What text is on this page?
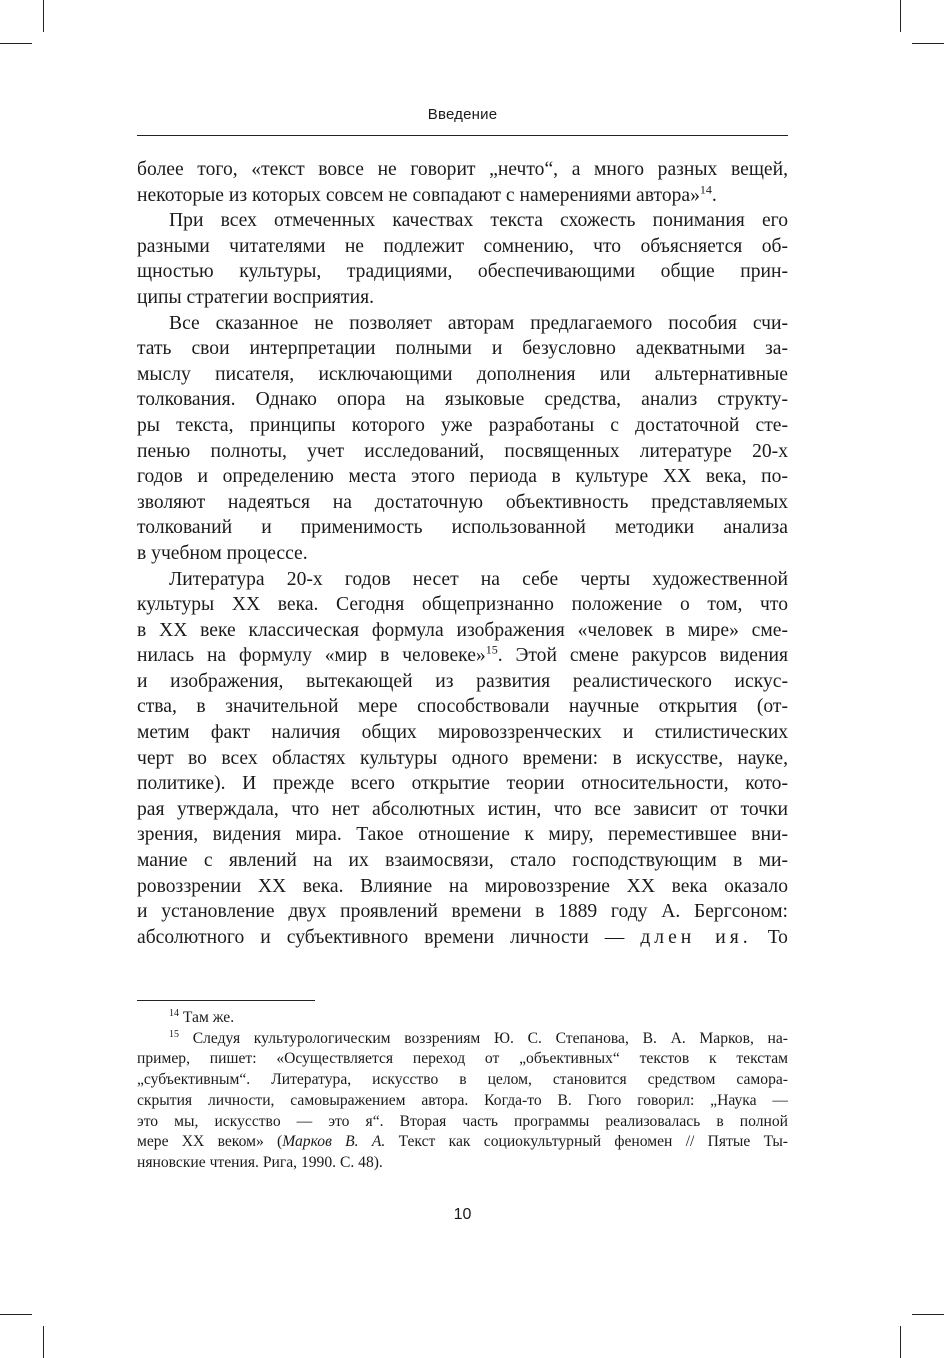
Введение

более того, «текст вовсе не говорит „нечто“, а много разных вещей,
некоторые из которых совсем не совпадают с намерениями автора»$^{14}$.

При всех отмеченных качествах текста схожесть понимания его
разными читателями не подлежит сомнению, что объясняется об-
щностью культуры, традициями, обеспечивающими общие прин-
ципы стратегии восприятия.

Все сказанное не позволяет авторам предлагаемого пособия счи-
тать свои интерпретации полными и безусловно адекватными за-
мыслу писателя, исключающими дополнения или альтернативные
толкования. Однако опора на языковые средства, анализ структу-
ры текста, принципы которого уже разработаны с достаточной сте-
пенью полноты, учет исследований, посвященных литературе 20-х
годов и определению места этого периода в культуре XX века, по-
зволяют надеяться на достаточную объективность представляемых
толкований и применимость использованной методики анализа
в учебном процессе.

Литература 20-х годов несет на себе черты художественной
культуры XX века. Сегодня общепризнанно положение о том, что
в XX веке классическая формула изображения «человек в мире» сме-
нилась на формулу «мир в человеке»$^{15}$. Этой смене ракурсов видения
и изображения, вытекающей из развития реалистического искус-
ства, в значительной мере способствовали научные открытия (от-
метим факт наличия общих мировоззренческих и стилистических
черт во всех областях культуры одного времени: в искусстве, науке,
политике). И прежде всего открытие теории относительности, кото-
рая утверждала, что нет абсолютных истин, что все зависит от точки
зрения, видения мира. Такое отношение к миру, переместившее вни-
мание с явлений на их взаимосвязи, стало господствующим в ми-
ровоззрении XX века. Влияние на мировоззрение XX века оказало
и установление двух проявлений времени в 1889 году А. Бергсоном:
абсолютного и субъективного времени личности — длен ия. То

$^{14}$ Там же.
$^{15}$ Следуя культурологическим воззрениям Ю. С. Степанова, В. А. Марков, на-
пример, пишет: «Осуществляется переход от „объективных“ текстов к текстам
„субъективным“. Литература, искусство в целом, становится средством самора-
скрытия личности, самовыражением автора. Когда-то В. Гюго говорил: „Наука —
это мы, искусство — это я“. Вторая часть программы реализовалась в полной
мере XX веком» (Марков В. А. Текст как социокультурный феномен // Пятые Ты-
няновские чтения. Рига, 1990. С. 48).
10
